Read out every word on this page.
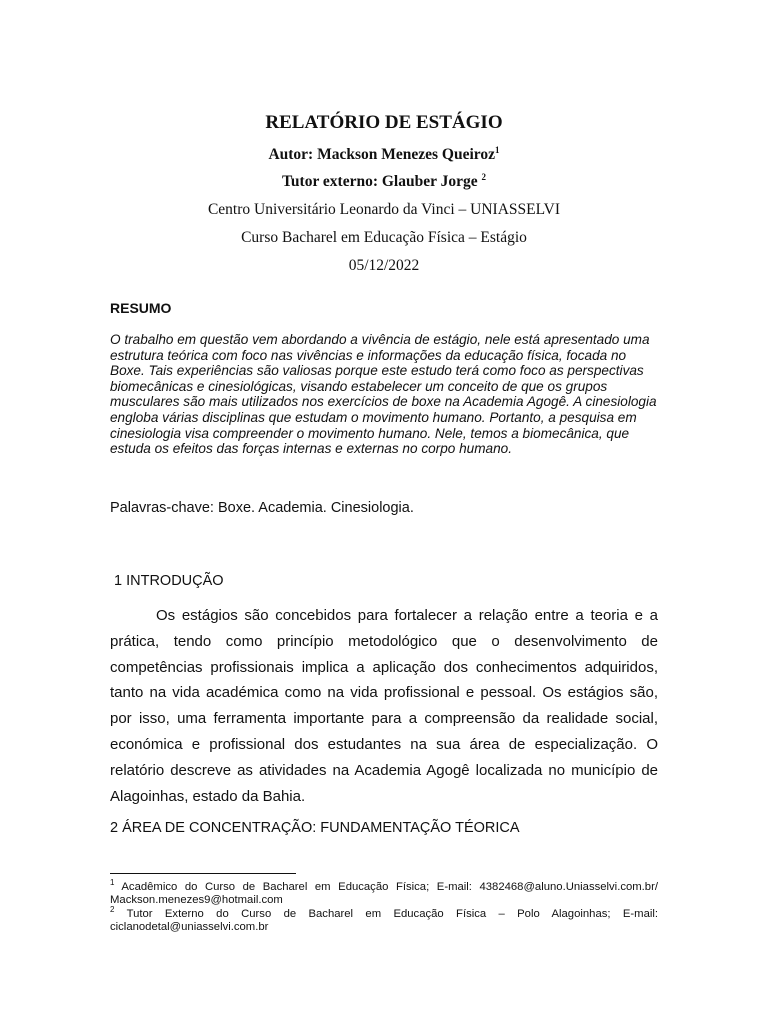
RELATÓRIO DE ESTÁGIO
Autor: Mackson Menezes Queiroz$^1$
Tutor externo: Glauber Jorge $^2$
Centro Universitário Leonardo da Vinci – UNIASSELVI
Curso Bacharel em Educação Física – Estágio
05/12/2022
RESUMO

O trabalho em questão vem abordando a vivência de estágio, nele está apresentado uma estrutura teórica com foco nas vivências e informações da educação física, focada no Boxe. Tais experiências são valiosas porque este estudo terá como foco as perspectivas biomecânicas e cinesiológicas, visando estabelecer um conceito de que os grupos musculares são mais utilizados nos exercícios de boxe na Academia Agogê. A cinesiologia engloba várias disciplinas que estudam o movimento humano. Portanto, a pesquisa em cinesiologia visa compreender o movimento humano. Nele, temos a biomecânica, que estuda os efeitos das forças internas e externas no corpo humano.

Palavras-chave: Boxe. Academia. Cinesiologia.
1 INTRODUÇÃO

Os estágios são concebidos para fortalecer a relação entre a teoria e a prática, tendo como princípio metodológico que o desenvolvimento de competências profissionais implica a aplicação dos conhecimentos adquiridos, tanto na vida académica como na vida profissional e pessoal. Os estágios são, por isso, uma ferramenta importante para a compreensão da realidade social, económica e profissional dos estudantes na sua área de especialização. O relatório descreve as atividades na Academia Agogê localizada no município de Alagoinhas, estado da Bahia.

2 ÁREA DE CONCENTRAÇÃO: FUNDAMENTAÇÃO TÉORICA

$^1$ Acadêmico do Curso de Bacharel em Educação Física; E-mail: 4382468@aluno.Uniasselvi.com.br/ Mackson.menezes9@hotmail.com

$^2$ Tutor Externo do Curso de Bacharel em Educação Física – Polo Alagoinhas; E-mail: ciclanodetal@uniasselvi.com.br
